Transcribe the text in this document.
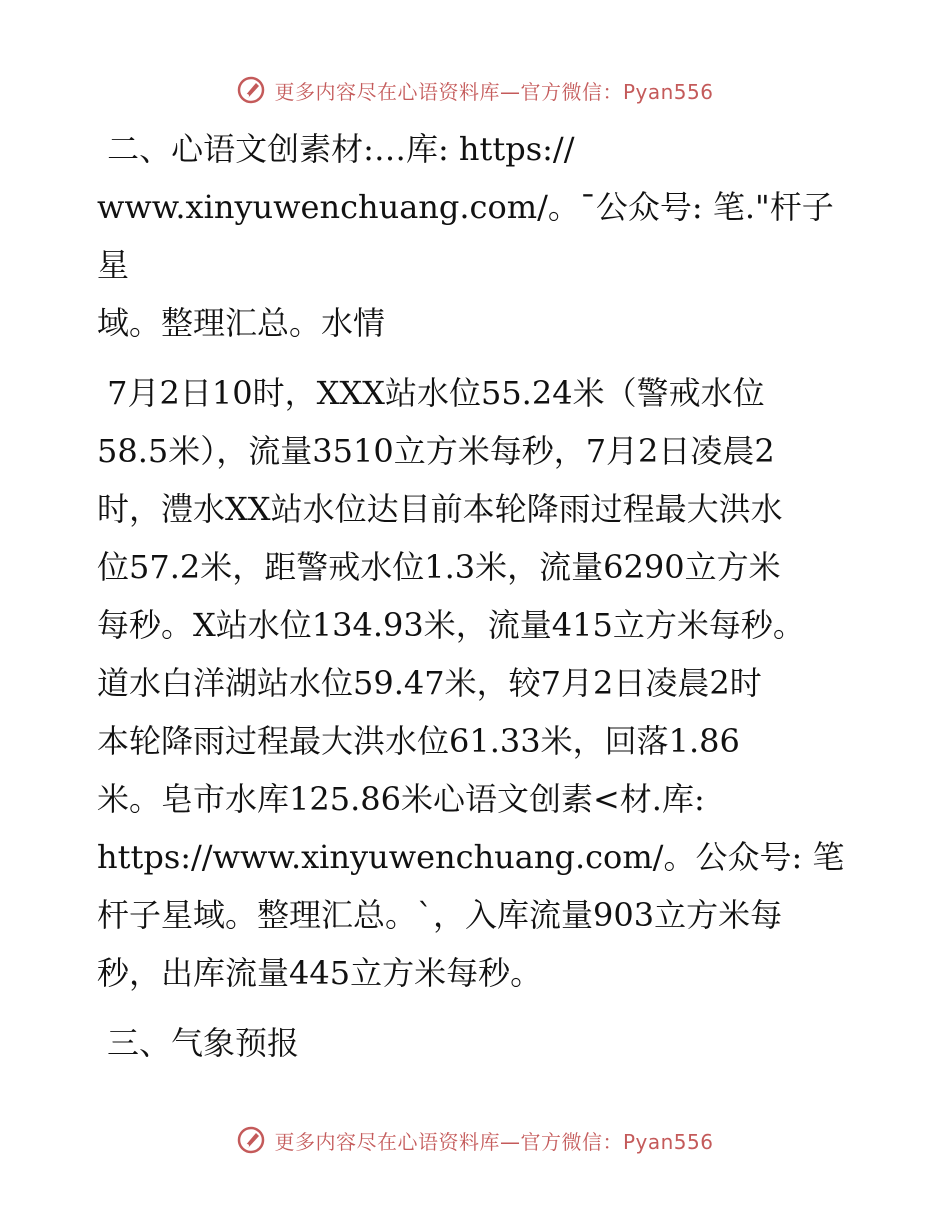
更多内容尽在心语资料库—官方微信：Pyan556

二、心语文创素材:…库: https://

www.xinyuwenchuang.com/。¯公众号: 笔."杆子星

域。整理汇总。水情

7月2日10时，XXX站水位55.24米（警戒水位

58.5米），流量3510立方米每秒，7月2日凌晨2

时，澧水XX站水位达目前本轮降雨过程最大洪水

位57.2米，距警戒水位1.3米，流量6290立方米

每秒。X站水位134.93米，流量415立方米每秒。

道水白洋湖站水位59.47米，较7月2日凌晨2时

本轮降雨过程最大洪水位61.33米，回落1.86

米。皂市水库125.86米心语文创素<材.库:

https://www.xinyuwenchuang.com/。公众号: 笔

杆子星域。整理汇总。`，入库流量903立方米每

秒，出库流量445立方米每秒。

三、气象预报

更多内容尽在心语资料库—官方微信：Pyan556
